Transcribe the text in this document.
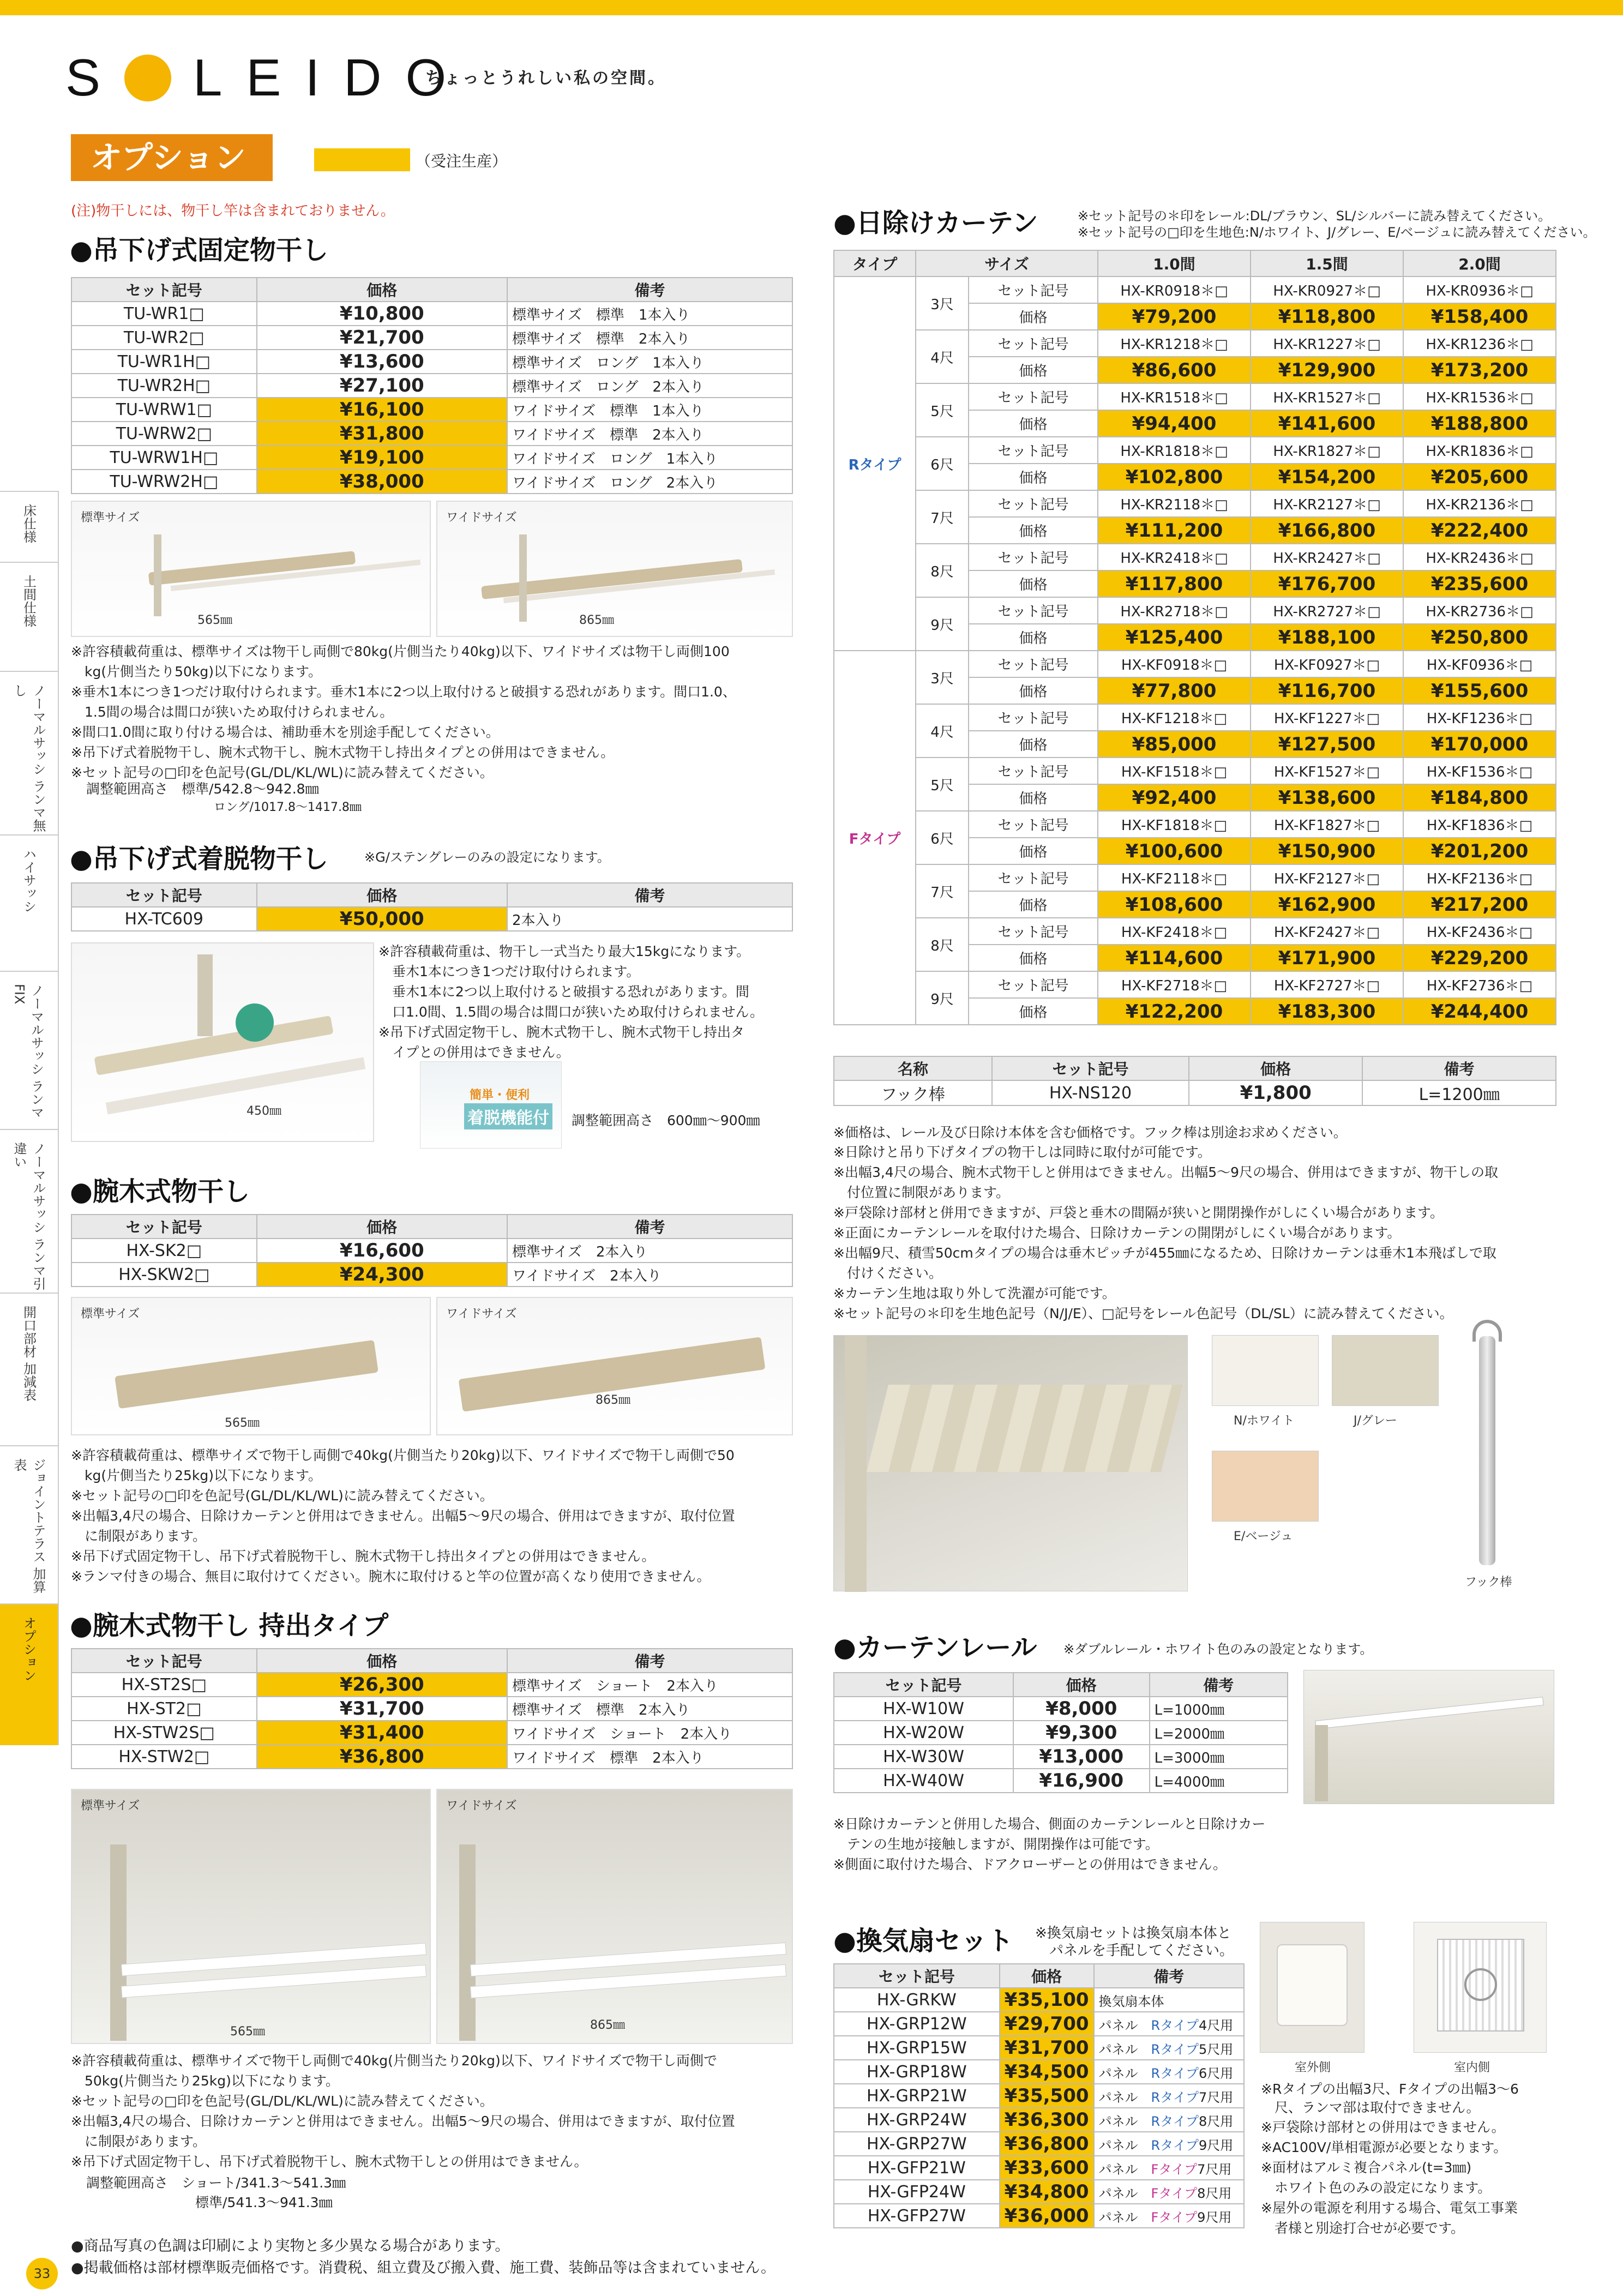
S LEIDO
ちょっとうれしい私の空間。
オプション	（受注生産）
(注)物干しには、物干し竿は含まれておりません。
床仕様
土間仕様
ノーマルサッシ ランマ無し
ハイサッシ
ノーマルサッシ ランマFIX
ノーマルサッシ ランマ引違い
開口部材 加減表
ジョイントテラス 加算表
オプション
●吊下げ式固定物干し
セット記号	価格	備考
TU-WR1□	¥10,800	標準サイズ　標準　1本入り
TU-WR2□	¥21,700	標準サイズ　標準　2本入り
TU-WR1H□	¥13,600	標準サイズ　ロング　1本入り
TU-WR2H□	¥27,100	標準サイズ　ロング　2本入り
TU-WRW1□	¥16,100	ワイドサイズ　標準　1本入り
TU-WRW2□	¥31,800	ワイドサイズ　標準　2本入り
TU-WRW1H□	¥19,100	ワイドサイズ　ロング　1本入り
TU-WRW2H□	¥38,000	ワイドサイズ　ロング　2本入り
標準サイズ
565㎜
ワイドサイズ
865㎜
※許容積載荷重は、標準サイズは物干し両側で80kg(片側当たり40kg)以下、ワイドサイズは物干し両側100
　kg(片側当たり50kg)以下になります。
※垂木1本につき1つだけ取付けられます。垂木1本に2つ以上取付けると破損する恐れがあります。間口1.0、
　1.5間の場合は間口が狭いため取付けられません。
※間口1.0間に取り付ける場合は、補助垂木を別途手配してください。
※吊下げ式着脱物干し、腕木式物干し、腕木式物干し持出タイプとの併用はできません。
※セット記号の□印を色記号(GL/DL/KL/WL)に読み替えてください。
調整範囲高さ　標準/542.8～942.8㎜
ロング/1017.8～1417.8㎜
●吊下げ式着脱物干し	※G/ステングレーのみの設定になります。
セット記号	価格	備考
HX-TC609	¥50,000	2本入り
450㎜
※許容積載荷重は、物干し一式当たり最大15kgになります。
　垂木1本につき1つだけ取付けられます。
　垂木1本に2つ以上取付けると破損する恐れがあります。間
　口1.0間、1.5間の場合は間口が狭いため取付けられません。
※吊下げ式固定物干し、腕木式物干し、腕木式物干し持出タ
　イプとの併用はできません。
簡単・便利
着脱機能付 調整範囲高さ　600㎜～900㎜
●腕木式物干し
セット記号	価格	備考
HX-SK2□	¥16,600	標準サイズ　2本入り
HX-SKW2□	¥24,300	ワイドサイズ　2本入り
標準サイズ
565㎜
ワイドサイズ
865㎜
※許容積載荷重は、標準サイズで物干し両側で40kg(片側当たり20kg)以下、ワイドサイズで物干し両側で50
　kg(片側当たり25kg)以下になります。
※セット記号の□印を色記号(GL/DL/KL/WL)に読み替えてください。
※出幅3,4尺の場合、日除けカーテンと併用はできません。出幅5～9尺の場合、併用はできますが、取付位置
　に制限があります。
※吊下げ式固定物干し、吊下げ式着脱物干し、腕木式物干し持出タイプとの併用はできません。
※ランマ付きの場合、無目に取付けてください。腕木に取付けると竿の位置が高くなり使用できません。
●腕木式物干し 持出タイプ
セット記号	価格	備考
HX-ST2S□	¥26,300	標準サイズ　ショート　2本入り
HX-ST2□	¥31,700	標準サイズ　標準　2本入り
HX-STW2S□	¥31,400	ワイドサイズ　ショート　2本入り
HX-STW2□	¥36,800	ワイドサイズ　標準　2本入り
標準サイズ
565㎜
ワイドサイズ
865㎜
※許容積載荷重は、標準サイズで物干し両側で40kg(片側当たり20kg)以下、ワイドサイズで物干し両側で
　50kg(片側当たり25kg)以下になります。
※セット記号の□印を色記号(GL/DL/KL/WL)に読み替えてください。
※出幅3,4尺の場合、日除けカーテンと併用はできません。出幅5～9尺の場合、併用はできますが、取付位置
　に制限があります。
※吊下げ式固定物干し、吊下げ式着脱物干し、腕木式物干しとの併用はできません。
調整範囲高さ　ショート/341.3～541.3㎜
標準/541.3～941.3㎜
●商品写真の色調は印刷により実物と多少異なる場合があります。
●掲載価格は部材標準販売価格です。消費税、組立費及び搬入費、施工費、装飾品等は含まれていません。
33
●日除けカーテン	※セット記号の＊印をレール:DL/ブラウン、SL/シルバーに読み替えてください。
※セット記号の□印を生地色:N/ホワイト、J/グレー、E/ベージュに読み替えてください。
タイプ	サイズ		1.0間	1.5間	2.0間
Rタイプ	3尺	セット記号	HX-KR0918＊□	HX-KR0927＊□	HX-KR0936＊□
		価格	¥79,200	¥118,800	¥158,400
	4尺	セット記号	HX-KR1218＊□	HX-KR1227＊□	HX-KR1236＊□
		価格	¥86,600	¥129,900	¥173,200
	5尺	セット記号	HX-KR1518＊□	HX-KR1527＊□	HX-KR1536＊□
		価格	¥94,400	¥141,600	¥188,800
	6尺	セット記号	HX-KR1818＊□	HX-KR1827＊□	HX-KR1836＊□
		価格	¥102,800	¥154,200	¥205,600
	7尺	セット記号	HX-KR2118＊□	HX-KR2127＊□	HX-KR2136＊□
		価格	¥111,200	¥166,800	¥222,400
	8尺	セット記号	HX-KR2418＊□	HX-KR2427＊□	HX-KR2436＊□
		価格	¥117,800	¥176,700	¥235,600
	9尺	セット記号	HX-KR2718＊□	HX-KR2727＊□	HX-KR2736＊□
		価格	¥125,400	¥188,100	¥250,800
Fタイプ	3尺	セット記号	HX-KF0918＊□	HX-KF0927＊□	HX-KF0936＊□
		価格	¥77,800	¥116,700	¥155,600
	4尺	セット記号	HX-KF1218＊□	HX-KF1227＊□	HX-KF1236＊□
		価格	¥85,000	¥127,500	¥170,000
	5尺	セット記号	HX-KF1518＊□	HX-KF1527＊□	HX-KF1536＊□
		価格	¥92,400	¥138,600	¥184,800
	6尺	セット記号	HX-KF1818＊□	HX-KF1827＊□	HX-KF1836＊□
		価格	¥100,600	¥150,900	¥201,200
	7尺	セット記号	HX-KF2118＊□	HX-KF2127＊□	HX-KF2136＊□
		価格	¥108,600	¥162,900	¥217,200
	8尺	セット記号	HX-KF2418＊□	HX-KF2427＊□	HX-KF2436＊□
		価格	¥114,600	¥171,900	¥229,200
	9尺	セット記号	HX-KF2718＊□	HX-KF2727＊□	HX-KF2736＊□
		価格	¥122,200	¥183,300	¥244,400
名称	セット記号	価格	備考
フック棒	HX-NS120	¥1,800	L=1200㎜
※価格は、レール及び日除け本体を含む価格です。フック棒は別途お求めください。
※日除けと吊り下げタイプの物干しは同時に取付が可能です。
※出幅3,4尺の場合、腕木式物干しと併用はできません。出幅5～9尺の場合、併用はできますが、物干しの取
　付位置に制限があります。
※戸袋除け部材と併用できますが、戸袋と垂木の間隔が狭いと開閉操作がしにくい場合があります。
※正面にカーテンレールを取付けた場合、日除けカーテンの開閉がしにくい場合があります。
※出幅9尺、積雪50cmタイプの場合は垂木ピッチが455㎜になるため、日除けカーテンは垂木1本飛ばしで取
　付けください。
※カーテン生地は取り外して洗濯が可能です。
※セット記号の＊印を生地色記号（N/J/E）、□記号をレール色記号（DL/SL）に読み替えてください。
N/ホワイト	J/グレー
E/ベージュ
フック棒
●カーテンレール ※ダブルレール・ホワイト色のみの設定となります。
セット記号	価格	備考
HX-W10W	¥8,000	L=1000㎜
HX-W20W	¥9,300	L=2000㎜
HX-W30W	¥13,000	L=3000㎜
HX-W40W	¥16,900	L=4000㎜
※日除けカーテンと併用した場合、側面のカーテンレールと日除けカー
　テンの生地が接触しますが、開閉操作は可能です。
※側面に取付けた場合、ドアクローザーとの併用はできません。
●換気扇セット ※換気扇セットは換気扇本体と
　パネルを手配してください。
セット記号	価格	備考
HX-GRKW	¥35,100	換気扇本体　
HX-GRP12W	¥29,700	パネル　 Rタイプ4尺用
HX-GRP15W	¥31,700	パネル　 Rタイプ5尺用
HX-GRP18W	¥34,500	パネル　 Rタイプ6尺用
HX-GRP21W	¥35,500	パネル　 Rタイプ7尺用
HX-GRP24W	¥36,300	パネル　 Rタイプ8尺用
HX-GRP27W	¥36,800	パネル　 Rタイプ9尺用
HX-GFP21W	¥33,600	パネル　 Fタイプ7尺用
HX-GFP24W	¥34,800	パネル　 Fタイプ8尺用
HX-GFP27W	¥36,000	パネル　 Fタイプ9尺用
室外側	室内側
※Rタイプの出幅3尺、Fタイプの出幅3～6
　尺、ランマ部は取付できません。
※戸袋除け部材との併用はできません。
※AC100V/単相電源が必要となります。
※面材はアルミ複合パネル(t=3㎜)
　ホワイト色のみの設定になります。
※屋外の電源を利用する場合、電気工事業
　者様と別途打合せが必要です。
